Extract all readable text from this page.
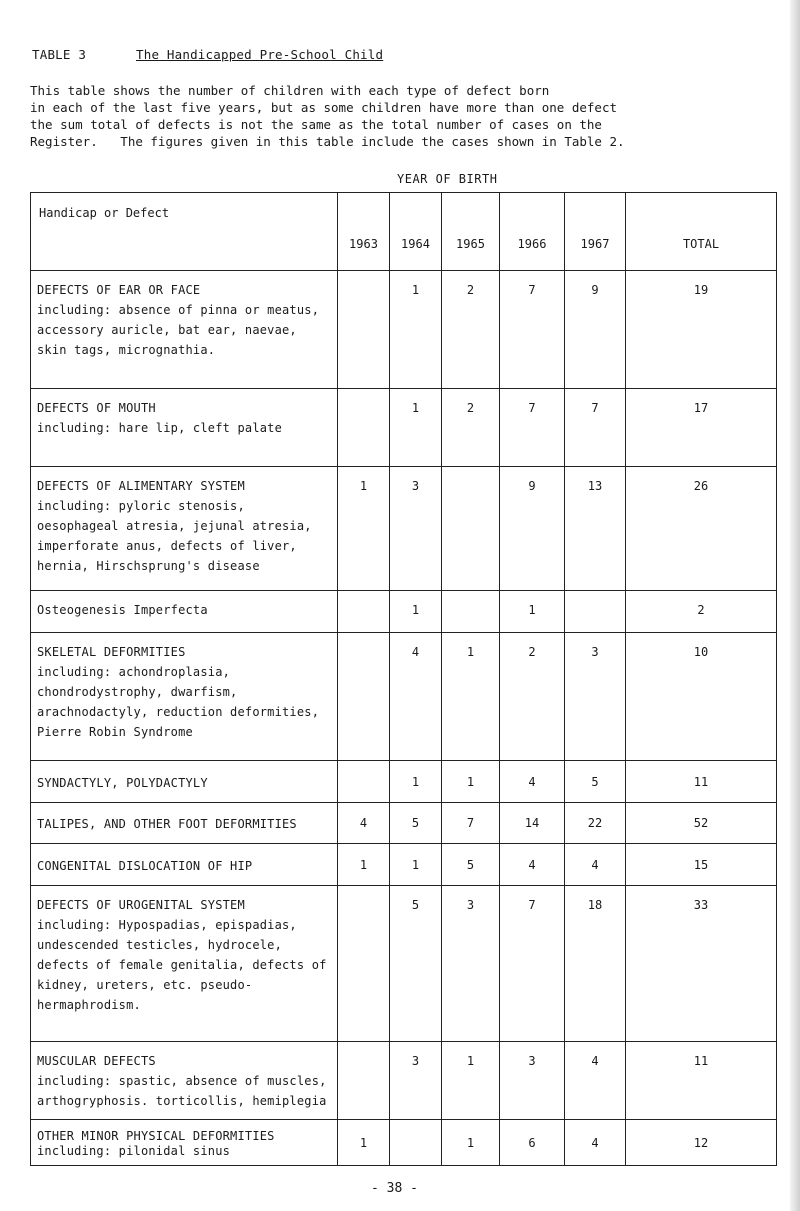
TABLE 3	The Handicapped Pre-School Child
This table shows the number of children with each type of defect born
in each of the last five years, but as some children have more than one defect
the sum total of defects is not the same as the total number of cases on the
Register.   The figures given in this table include the cases shown in Table 2.
YEAR OF BIRTH
Handicap or Defect	1963	1964	1965	1966	1967	TOTAL

DEFECTS OF EAR OR FACE
including: absence of pinna or meatus, accessory auricle, bat ear, naevae, skin tags, micrognathia.		1	2	7	9	19

DEFECTS OF MOUTH
including: hare lip, cleft palate		1	2	7	7	17

DEFECTS OF ALIMENTARY SYSTEM
including: pyloric stenosis, oesophageal atresia, jejunal atresia, imperforate anus, defects of liver, hernia, Hirschsprung's disease	1	3		9	13	26

Osteogenesis Imperfecta		1		1		2

SKELETAL DEFORMITIES
including: achondroplasia, chondrodystrophy, dwarfism, arachnodactyly, reduction deformities, Pierre Robin Syndrome		4	1	2	3	10

SYNDACTYLY, POLYDACTYLY		1	1	4	5	11

TALIPES, AND OTHER FOOT DEFORMITIES	4	5	7	14	22	52

CONGENITAL DISLOCATION OF HIP	1	1	5	4	4	15

DEFECTS OF UROGENITAL SYSTEM
including: Hypospadias, epispadias, undescended testicles, hydrocele, defects of female genitalia, defects of kidney, ureters, etc. pseudo-hermaphrodism.		5	3	7	18	33

MUSCULAR DEFECTS
including: spastic, absence of muscles, arthogryphosis. torticollis, hemiplegia		3	1	3	4	11

OTHER MINOR PHYSICAL DEFORMITIES
including: pilonidal sinus	1		1	6	4	12
- 38 -
